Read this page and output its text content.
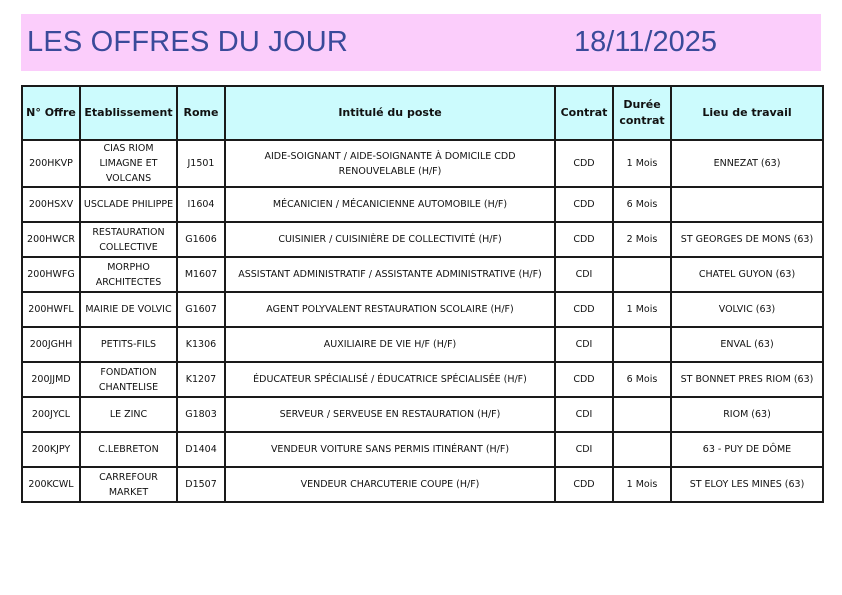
LES OFFRES DU JOUR	18/11/2025
N° Offre	Etablissement	Rome	Intitulé du poste	Contrat	Durée contrat	Lieu de travail
200HKVP	CIAS RIOM LIMAGNE ET VOLCANS	J1501	AIDE-SOIGNANT / AIDE-SOIGNANTE À DOMICILE CDD RENOUVELABLE (H/F)	CDD	1 Mois	ENNEZAT (63)
200HSXV	USCLADE PHILIPPE	I1604	MÉCANICIEN / MÉCANICIENNE AUTOMOBILE (H/F)	CDD	6 Mois	
200HWCR	RESTAURATION COLLECTIVE	G1606	CUISINIER / CUISINIÈRE DE COLLECTIVITÉ (H/F)	CDD	2 Mois	ST GEORGES DE MONS (63)
200HWFG	MORPHO ARCHITECTES	M1607	ASSISTANT ADMINISTRATIF / ASSISTANTE ADMINISTRATIVE (H/F)	CDI		CHATEL GUYON (63)
200HWFL	MAIRIE DE VOLVIC	G1607	AGENT POLYVALENT RESTAURATION SCOLAIRE (H/F)	CDD	1 Mois	VOLVIC (63)
200JGHH	PETITS-FILS	K1306	AUXILIAIRE DE VIE H/F (H/F)	CDI		ENVAL (63)
200JJMD	FONDATION CHANTELISE	K1207	ÉDUCATEUR SPÉCIALISÉ / ÉDUCATRICE SPÉCIALISÉE (H/F)	CDD	6 Mois	ST BONNET PRES RIOM (63)
200JYCL	LE ZINC	G1803	SERVEUR / SERVEUSE EN RESTAURATION (H/F)	CDI		RIOM (63)
200KJPY	C.LEBRETON	D1404	VENDEUR VOITURE SANS PERMIS ITINÉRANT (H/F)	CDI		63 - PUY DE DÔME
200KCWL	CARREFOUR MARKET	D1507	VENDEUR CHARCUTERIE COUPE (H/F)	CDD	1 Mois	ST ELOY LES MINES (63)
